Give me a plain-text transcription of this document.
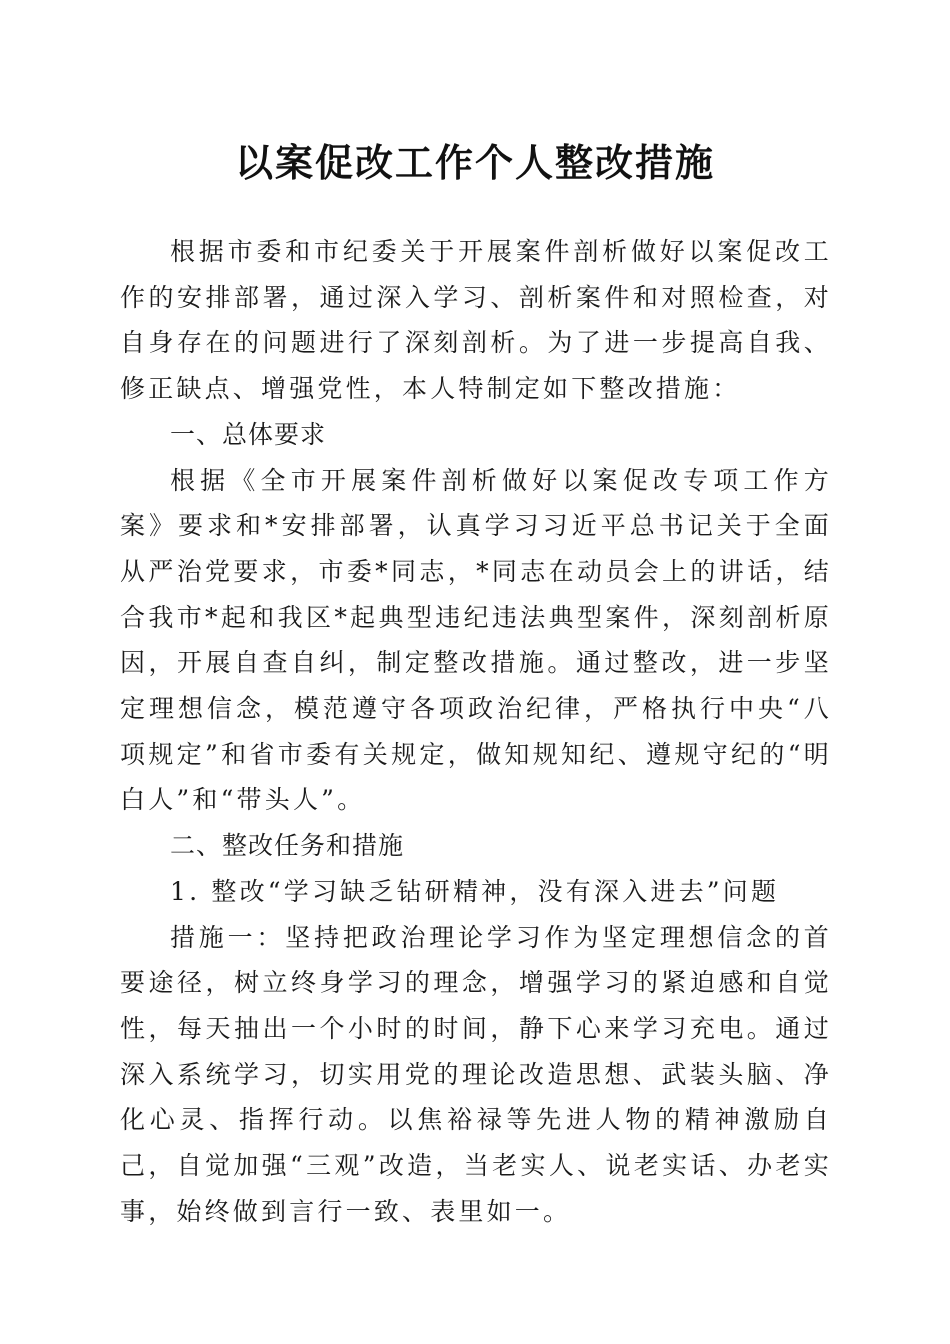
以案促改工作个人整改措施

根据市委和市纪委关于开展案件剖析做好以案促改工作的安排部署，通过深入学习、剖析案件和对照检查，对自身存在的问题进行了深刻剖析。为了进一步提高自我、修正缺点、增强党性，本人特制定如下整改措施：

一、总体要求

根据《全市开展案件剖析做好以案促改专项工作方案》要求和*安排部署，认真学习习近平总书记关于全面从严治党要求，市委*同志，*同志在动员会上的讲话，结合我市*起和我区*起典型违纪违法典型案件，深刻剖析原因，开展自查自纠，制定整改措施。通过整改，进一步坚定理想信念，模范遵守各项政治纪律，严格执行中央“八项规定”和省市委有关规定，做知规知纪、遵规守纪的“明白人”和“带头人”。

二、整改任务和措施

1. 整改“学习缺乏钻研精神，没有深入进去”问题

措施一：坚持把政治理论学习作为坚定理想信念的首要途径，树立终身学习的理念，增强学习的紧迫感和自觉性，每天抽出一个小时的时间，静下心来学习充电。通过深入系统学习，切实用党的理论改造思想、武装头脑、净化心灵、指挥行动。以焦裕禄等先进人物的精神激励自己，自觉加强“三观”改造，当老实人、说老实话、办老实事，始终做到言行一致、表里如一。
